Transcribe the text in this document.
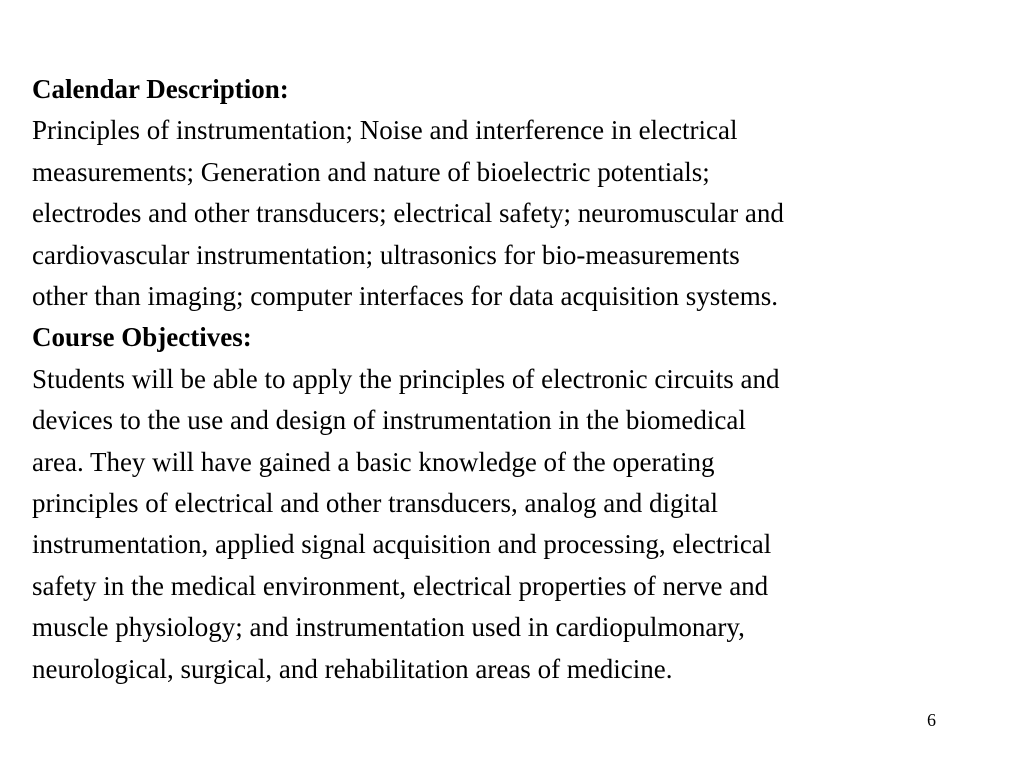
Calendar Description:
Principles of instrumentation; Noise and interference in electrical
measurements; Generation and nature of bioelectric potentials;
electrodes and other transducers; electrical safety; neuromuscular and
cardiovascular instrumentation; ultrasonics for bio-measurements
other than imaging; computer interfaces for data acquisition systems.
Course Objectives:
Students will be able to apply the principles of electronic circuits and
devices to the use and design of instrumentation in the biomedical
area. They will have gained a basic knowledge of the operating
principles of electrical and other transducers, analog and digital
instrumentation, applied signal acquisition and processing, electrical
safety in the medical environment, electrical properties of nerve and
muscle physiology; and instrumentation used in cardiopulmonary,
neurological, surgical, and rehabilitation areas of medicine.
6
